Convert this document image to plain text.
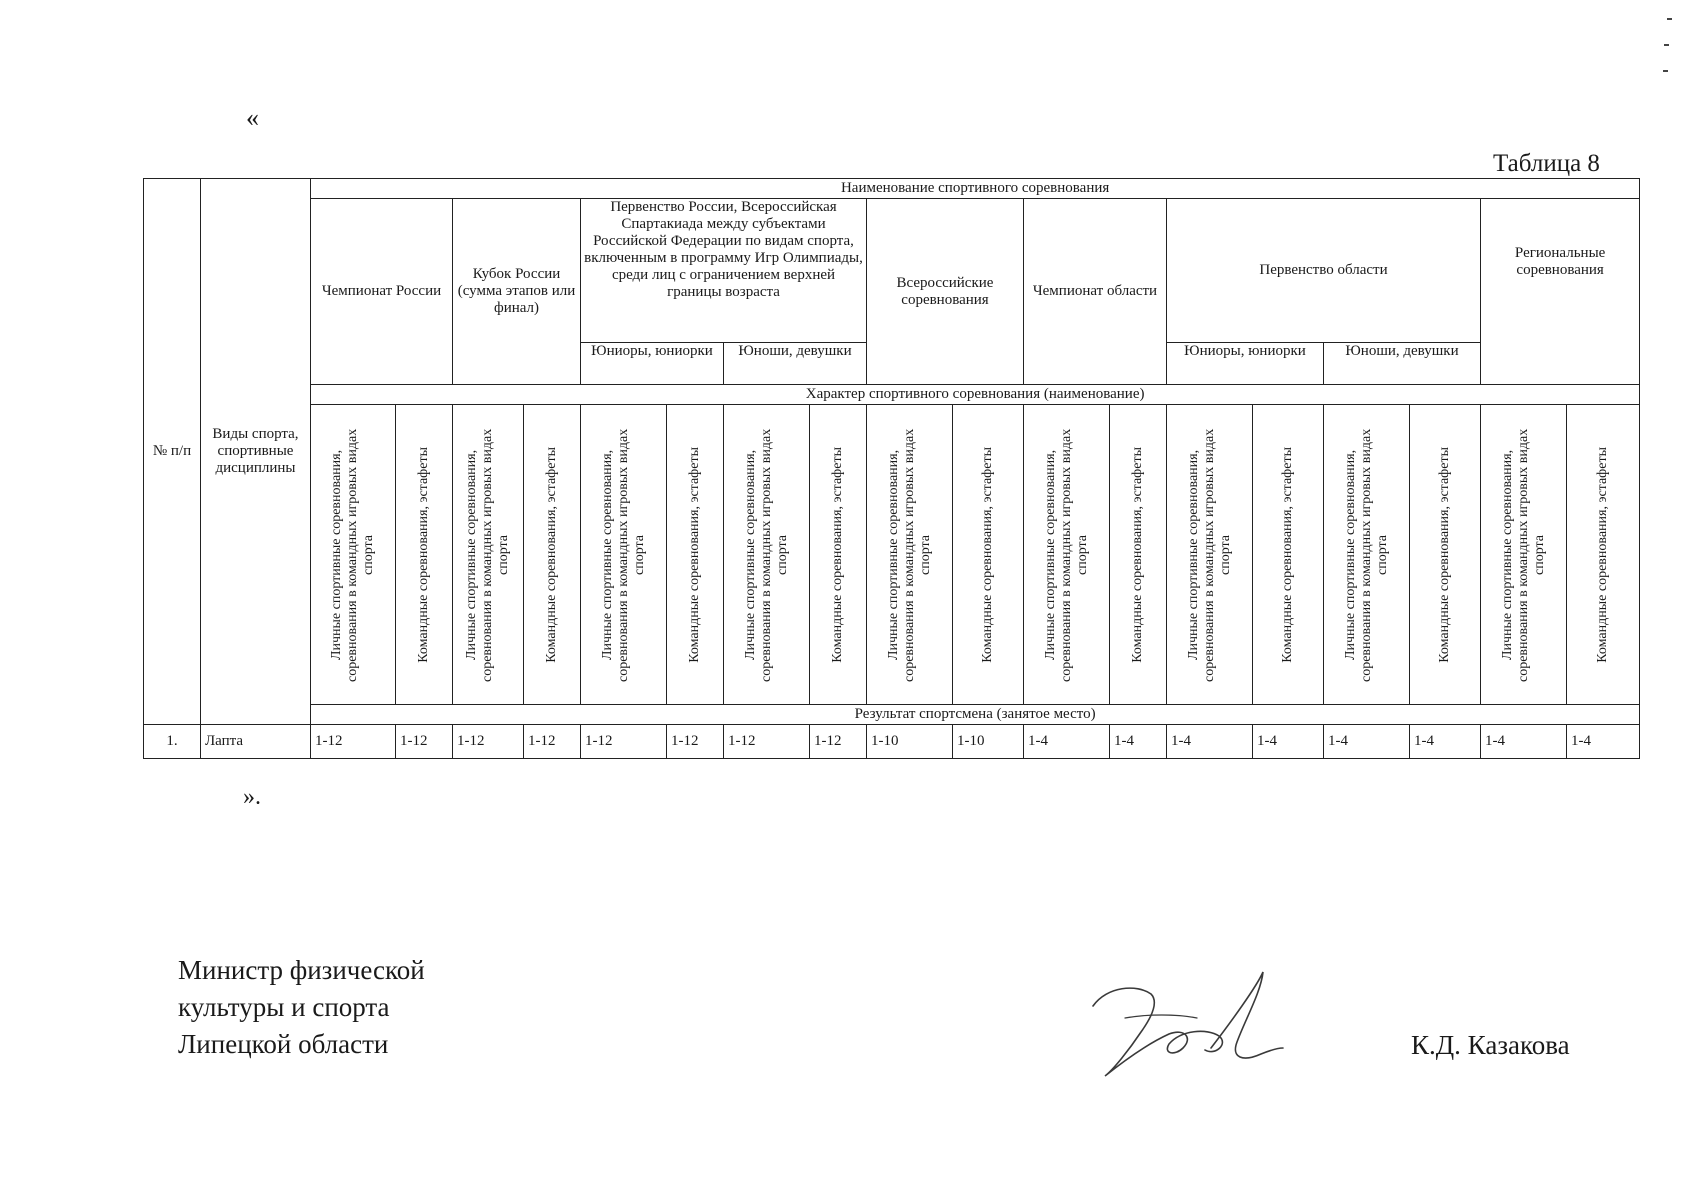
«
Таблица 8
№ п/п	Виды спорта, спортивные дисциплины	Наименование спортивного соревнования																	
		Чемпионат России		Кубок России (сумма этапов или финал)		Первенство России, Всероссийская Спартакиада между субъектами Российской Федерации по видам спорта, включенным в программу Игр Олимпиады, среди лиц с ограничением верхней границы возраста				Всероссийские соревнования		Чемпионат области		Первенство области				Региональные соревнования	
						Юниоры, юниорки		Юноши, девушки						Юниоры, юниорки		Юноши, девушки			
		Характер спортивного соревнования (наименование)																	

		Личные спортивные соревнования, соревнования в командных игровых видах спорта	Командные соревнования, эстафеты	Личные спортивные соревнования, соревнования в командных игровых видах спорта	Командные соревнования, эстафеты	Личные спортивные соревнования, соревнования в командных игровых видах спорта	Командные соревнования, эстафеты	Личные спортивные соревнования, соревнования в командных игровых видах спорта	Командные соревнования, эстафеты	Личные спортивные соревнования, соревнования в командных игровых видах спорта	Командные соревнования, эстафеты	Личные спортивные соревнования, соревнования в командных игровых видах спорта	Командные соревнования, эстафеты	Личные спортивные соревнования, соревнования в командных игровых видах спорта	Командные соревнования, эстафеты	Личные спортивные соревнования, соревнования в командных игровых видах спорта	Командные соревнования, эстафеты	Личные спортивные соревнования, соревнования в командных игровых видах спорта	Командные соревнования, эстафеты

		Результат спортсмена (занятое место)																	
1.	Лапта	1-12	1-12	1-12	1-12	1-12	1-12	1-12	1-12	1-10	1-10	1-4	1-4	1-4	1-4	1-4	1-4	1-4	1-4
».
Министр физической
культуры и спорта
Липецкой области	К.Д. Казакова
